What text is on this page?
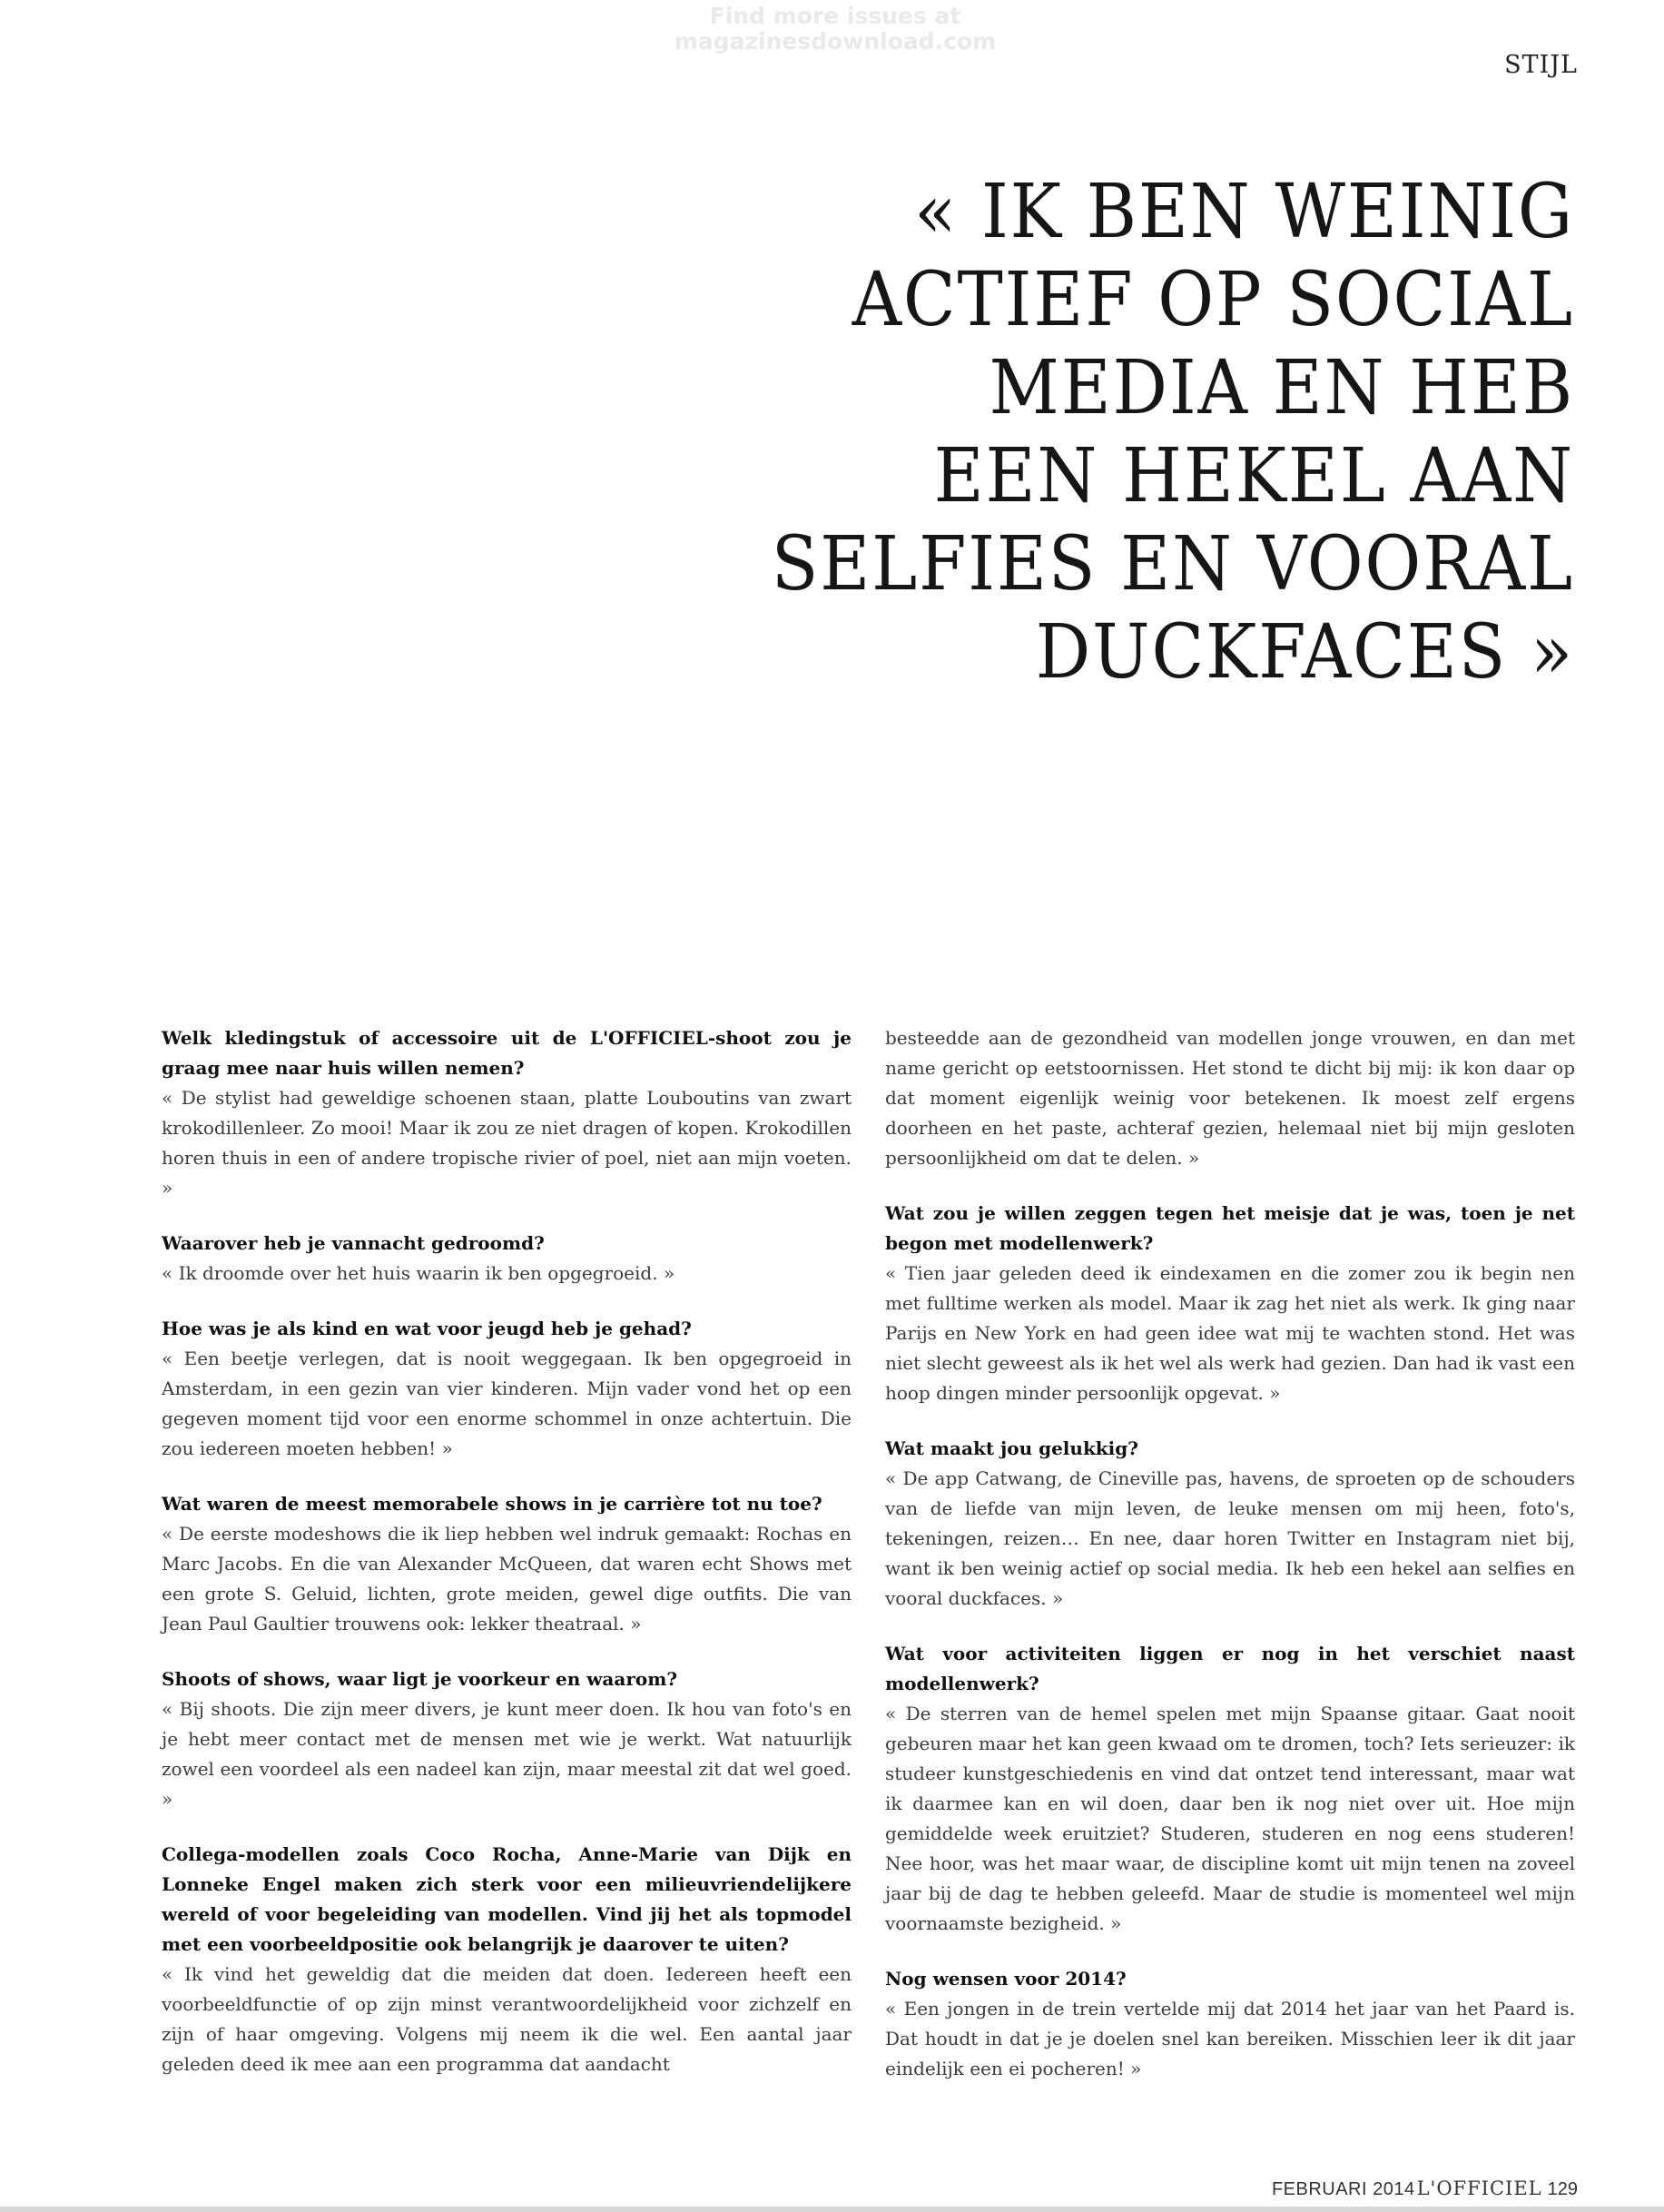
Find more issues at
magazinesdownload.com
STIJL
« IK BEN WEINIG
ACTIEF OP SOCIAL
MEDIA EN HEB
EEN HEKEL AAN
SELFIES EN VOORAL
DUCKFACES »

Welk kledingstuk of accessoire uit de L'OFFICIEL-shoot zou je graag mee naar huis willen nemen?

« De stylist had geweldige schoenen staan, platte Louboutins van zwart krokodillenleer. Zo mooi! Maar ik zou ze niet dragen of kopen. Krokodillen horen thuis in een of andere tropische rivier of poel, niet aan mijn voeten. »

Waarover heb je vannacht gedroomd?

« Ik droomde over het huis waarin ik ben opgegroeid. »

Hoe was je als kind en wat voor jeugd heb je gehad?

« Een beetje verlegen, dat is nooit weggegaan. Ik ben opgegroeid in Amsterdam, in een gezin van vier kinderen. Mijn vader vond het op een gegeven moment tijd voor een enorme schommel in onze achtertuin. Die zou iedereen moeten hebben! »

Wat waren de meest memorabele shows in je carrière tot nu toe?

« De eerste modeshows die ik liep hebben wel indruk gemaakt: Rochas en Marc Jacobs. En die van Alexander McQueen, dat waren echt Shows met een grote S. Geluid, lichten, grote meiden, gewel dige outfits. Die van Jean Paul Gaultier trouwens ook: lekker theatraal. »

Shoots of shows, waar ligt je voorkeur en waarom?

« Bij shoots. Die zijn meer divers, je kunt meer doen. Ik hou van foto's en je hebt meer contact met de mensen met wie je werkt. Wat natuurlijk zowel een voordeel als een nadeel kan zijn, maar meestal zit dat wel goed. »

Collega-modellen zoals Coco Rocha, Anne-Marie van Dijk en Lonneke Engel maken zich sterk voor een milieuvriendelijkere wereld of voor begeleiding van modellen. Vind jij het als topmodel met een voorbeeldpositie ook belangrijk je daarover te uiten?

« Ik vind het geweldig dat die meiden dat doen. Iedereen heeft een voorbeeldfunctie of op zijn minst verantwoordelijkheid voor zichzelf en zijn of haar omgeving. Volgens mij neem ik die wel. Een aantal jaar geleden deed ik mee aan een programma dat aandacht

besteedde aan de gezondheid van modellen jonge vrouwen, en dan met name gericht op eetstoornissen. Het stond te dicht bij mij: ik kon daar op dat moment eigenlijk weinig voor betekenen. Ik moest zelf ergens doorheen en het paste, achteraf gezien, helemaal niet bij mijn gesloten persoonlijkheid om dat te delen. »

Wat zou je willen zeggen tegen het meisje dat je was, toen je net begon met modellenwerk?

« Tien jaar geleden deed ik eindexamen en die zomer zou ik begin nen met fulltime werken als model. Maar ik zag het niet als werk. Ik ging naar Parijs en New York en had geen idee wat mij te wachten stond. Het was niet slecht geweest als ik het wel als werk had gezien. Dan had ik vast een hoop dingen minder persoonlijk opgevat. »

Wat maakt jou gelukkig?

« De app Catwang, de Cineville pas, havens, de sproeten op de schouders van de liefde van mijn leven, de leuke mensen om mij heen, foto's, tekeningen, reizen… En nee, daar horen Twitter en Instagram niet bij, want ik ben weinig actief op social media. Ik heb een hekel aan selfies en vooral duckfaces. »

Wat voor activiteiten liggen er nog in het verschiet naast modellenwerk?

« De sterren van de hemel spelen met mijn Spaanse gitaar. Gaat nooit gebeuren maar het kan geen kwaad om te dromen, toch? Iets serieuzer: ik studeer kunstgeschiedenis en vind dat ontzet tend interessant, maar wat ik daarmee kan en wil doen, daar ben ik nog niet over uit. Hoe mijn gemiddelde week eruitziet? Studeren, studeren en nog eens studeren! Nee hoor, was het maar waar, de discipline komt uit mijn tenen na zoveel jaar bij de dag te hebben geleefd. Maar de studie is momenteel wel mijn voornaamste bezigheid. »

Nog wensen voor 2014?

« Een jongen in de trein vertelde mij dat 2014 het jaar van het Paard is. Dat houdt in dat je je doelen snel kan bereiken. Misschien leer ik dit jaar eindelijk een ei pocheren! »

FEBRUARI 2014L'OFFICIEL 129
